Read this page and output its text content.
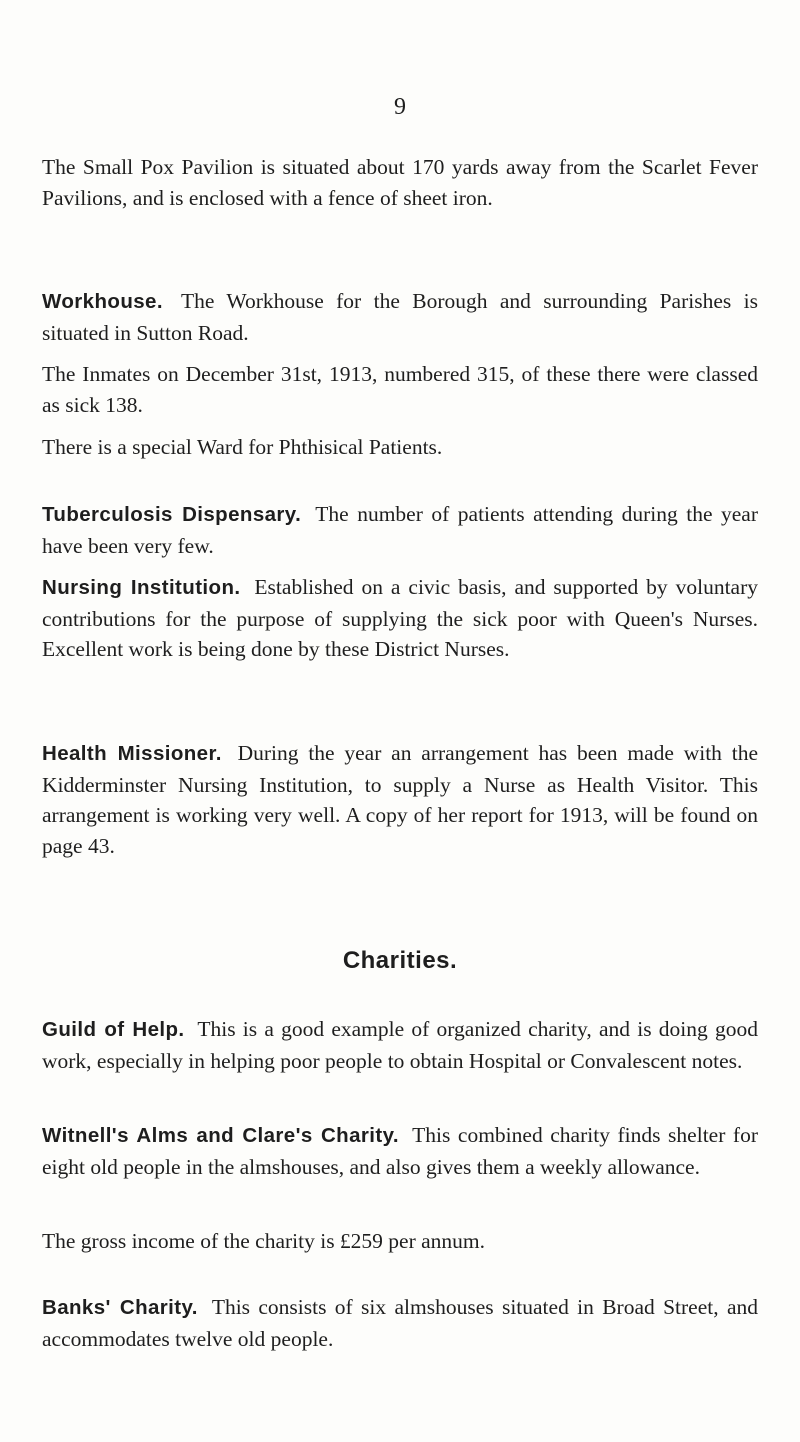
9

The Small Pox Pavilion is situated about 170 yards away from the Scarlet Fever Pavilions, and is enclosed with a fence of sheet iron.

Workhouse. The Workhouse for the Borough and surrounding Parishes is situated in Sutton Road.

The Inmates on December 31st, 1913, numbered 315, of these there were classed as sick 138.

There is a special Ward for Phthisical Patients.

Tuberculosis Dispensary. The number of patients attending during the year have been very few.

Nursing Institution. Established on a civic basis, and supported by voluntary contributions for the purpose of supplying the sick poor with Queen's Nurses. Excellent work is being done by these District Nurses.

Health Missioner. During the year an arrangement has been made with the Kidderminster Nursing Institution, to supply a Nurse as Health Visitor. This arrangement is working very well. A copy of her report for 1913, will be found on page 43.

Charities.

Guild of Help. This is a good example of organized charity, and is doing good work, especially in helping poor people to obtain Hospital or Convalescent notes.

Witnell's Alms and Clare's Charity. This combined charity finds shelter for eight old people in the almshouses, and also gives them a weekly allowance.

The gross income of the charity is £259 per annum.

Banks' Charity. This consists of six almshouses situated in Broad Street, and accommodates twelve old people.
